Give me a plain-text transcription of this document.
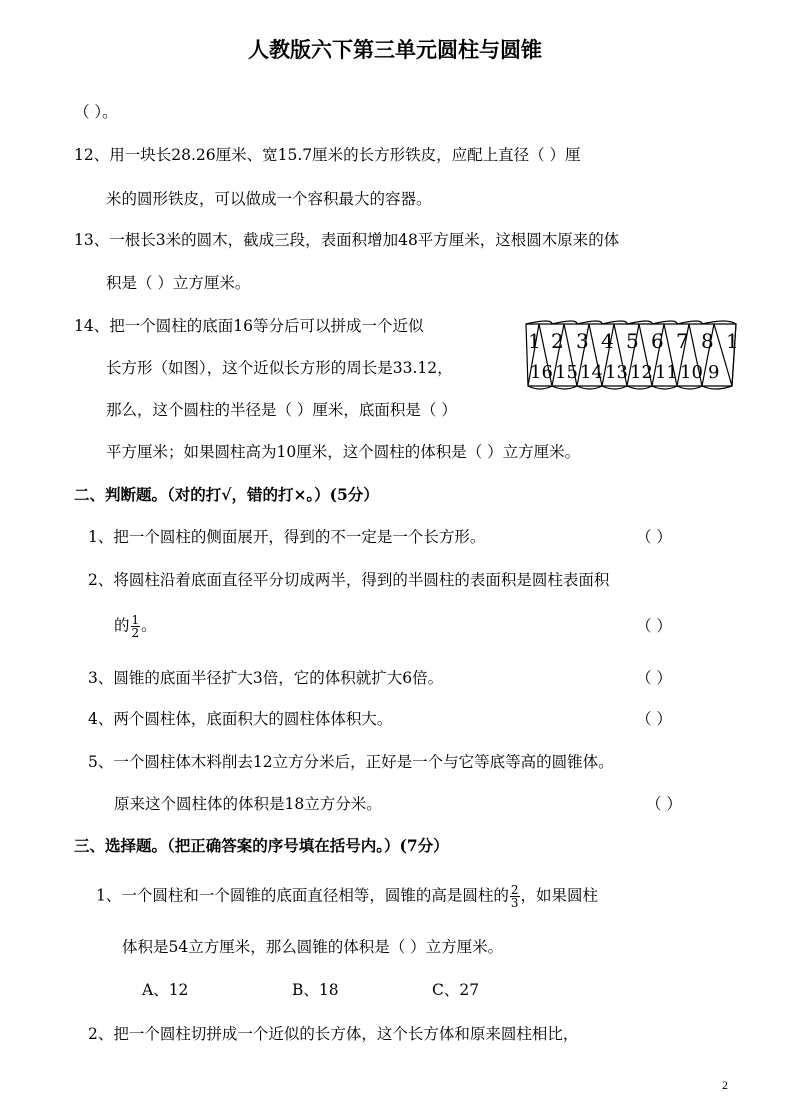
人教版六下第三单元圆柱与圆锥
（ ）。
12、用一块长28.26厘米、宽15.7厘米的长方形铁皮，应配上直径（ ）厘
米的圆形铁皮，可以做成一个容积最大的容器。
13、一根长3米的圆木，截成三段，表面积增加48平方厘米，这根圆木原来的体
积是（ ）立方厘米。
14、把一个圆柱的底面16等分后可以拼成一个近似
长方形（如图），这个近似长方形的周长是33.12，
那么，这个圆柱的半径是（ ）厘米，底面积是（ ）
平方厘米；如果圆柱高为10厘米，这个圆柱的体积是（ ）立方厘米。
1 2 3 4 5 6 7 8 1
16 15 14 13 12 11 10 9
二、判断题。（对的打√，错的打×。）(5分）
1、把一个圆柱的侧面展开，得到的不一定是一个长方形。	（ ）
2、将圆柱沿着底面直径平分切成两半，得到的半圆柱的表面积是圆柱表面积
的 $\frac{1}{2}$ 。	（ ）
3、圆锥的底面半径扩大3倍，它的体积就扩大6倍。	（ ）
4、两个圆柱体，底面积大的圆柱体体积大。	（ ）
5、一个圆柱体木料削去12立方分米后，正好是一个与它等底等高的圆锥体。
原来这个圆柱体的体积是18立方分米。	（ ）
三、选择题。（把正确答案的序号填在括号内。）(7分）
1、一个圆柱和一个圆锥的底面直径相等，圆锥的高是圆柱的 $\frac{2}{3}$ ，如果圆柱
体积是54立方厘米，那么圆锥的体积是（ ）立方厘米。
A、12	B、18	C、27
2、把一个圆柱切拼成一个近似的长方体，这个长方体和原来圆柱相比，
2
